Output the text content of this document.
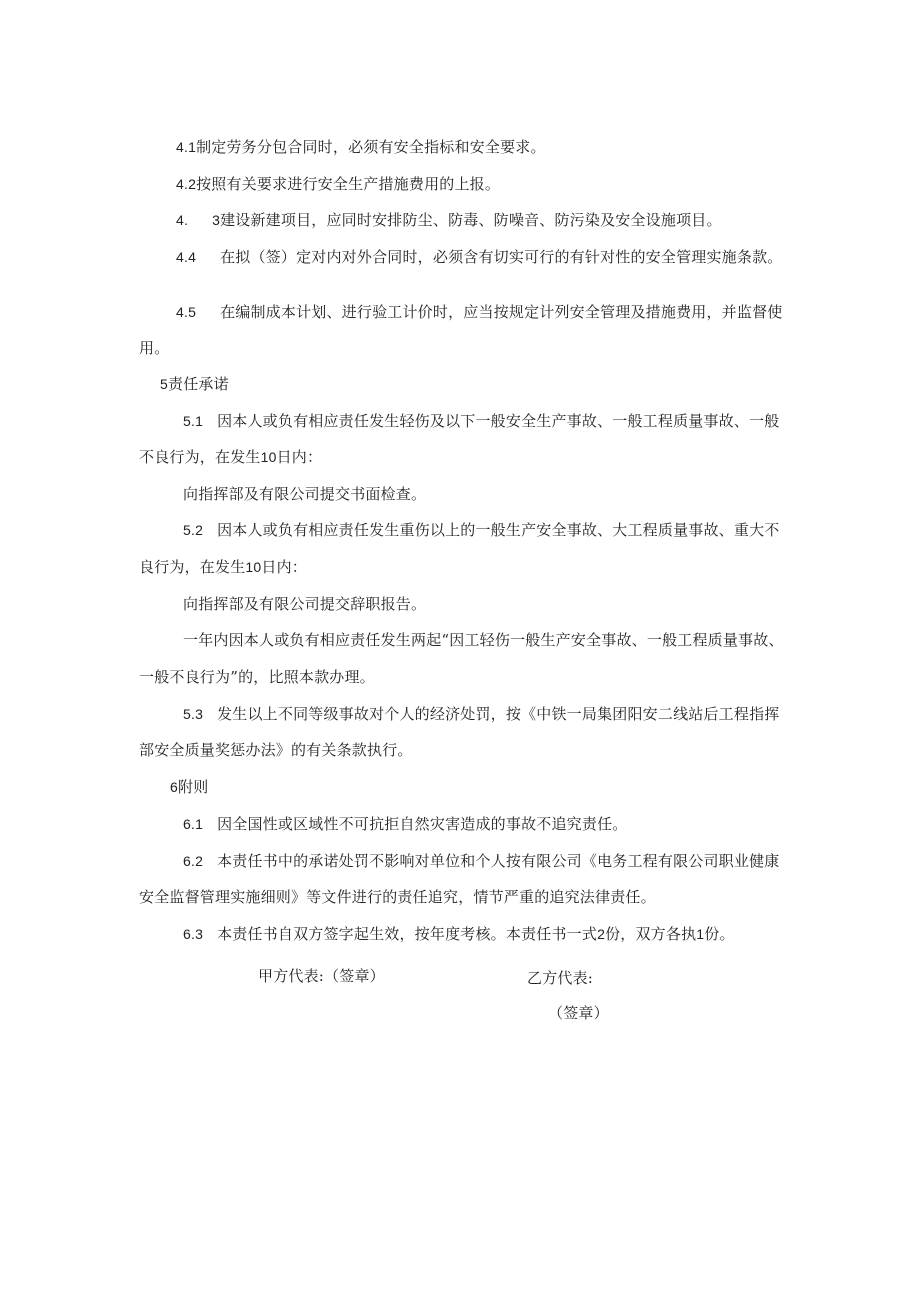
4.1制定劳务分包合同时，必须有安全指标和安全要求。
4.2按照有关要求进行安全生产措施费用的上报。
4. 3建设新建项目，应同时安排防尘、防毒、防噪音、防污染及安全设施项目。
4.4 在拟（签）定对内对外合同时，必须含有切实可行的有针对性的安全管理实施条款。
4.5 在编制成本计划、进行验工计价时，应当按规定计列安全管理及措施费用，并监督使
用。
5责任承诺
5.1 因本人或负有相应责任发生轻伤及以下一般安全生产事故、一般工程质量事故、一般
不良行为，在发生10日内：
向指挥部及有限公司提交书面检查。
5.2 因本人或负有相应责任发生重伤以上的一般生产安全事故、大工程质量事故、重大不
良行为，在发生10日内：
向指挥部及有限公司提交辞职报告。
一年内因本人或负有相应责任发生两起“因工轻伤一般生产安全事故、一般工程质量事故、
一般不良行为”的，比照本款办理。
5.3 发生以上不同等级事故对个人的经济处罚，按《中铁一局集团阳安二线站后工程指挥
部安全质量奖惩办法》的有关条款执行。
6附则
6.1 因全国性或区域性不可抗拒自然灾害造成的事故不追究责任。
6.2 本责任书中的承诺处罚不影响对单位和个人按有限公司《电务工程有限公司职业健康
安全监督管理实施细则》等文件进行的责任追究，情节严重的追究法律责任。
6.3 本责任书自双方签字起生效，按年度考核。本责任书一式2份，双方各执1份。
甲方代表:（签章）	乙方代表:
（签章）
